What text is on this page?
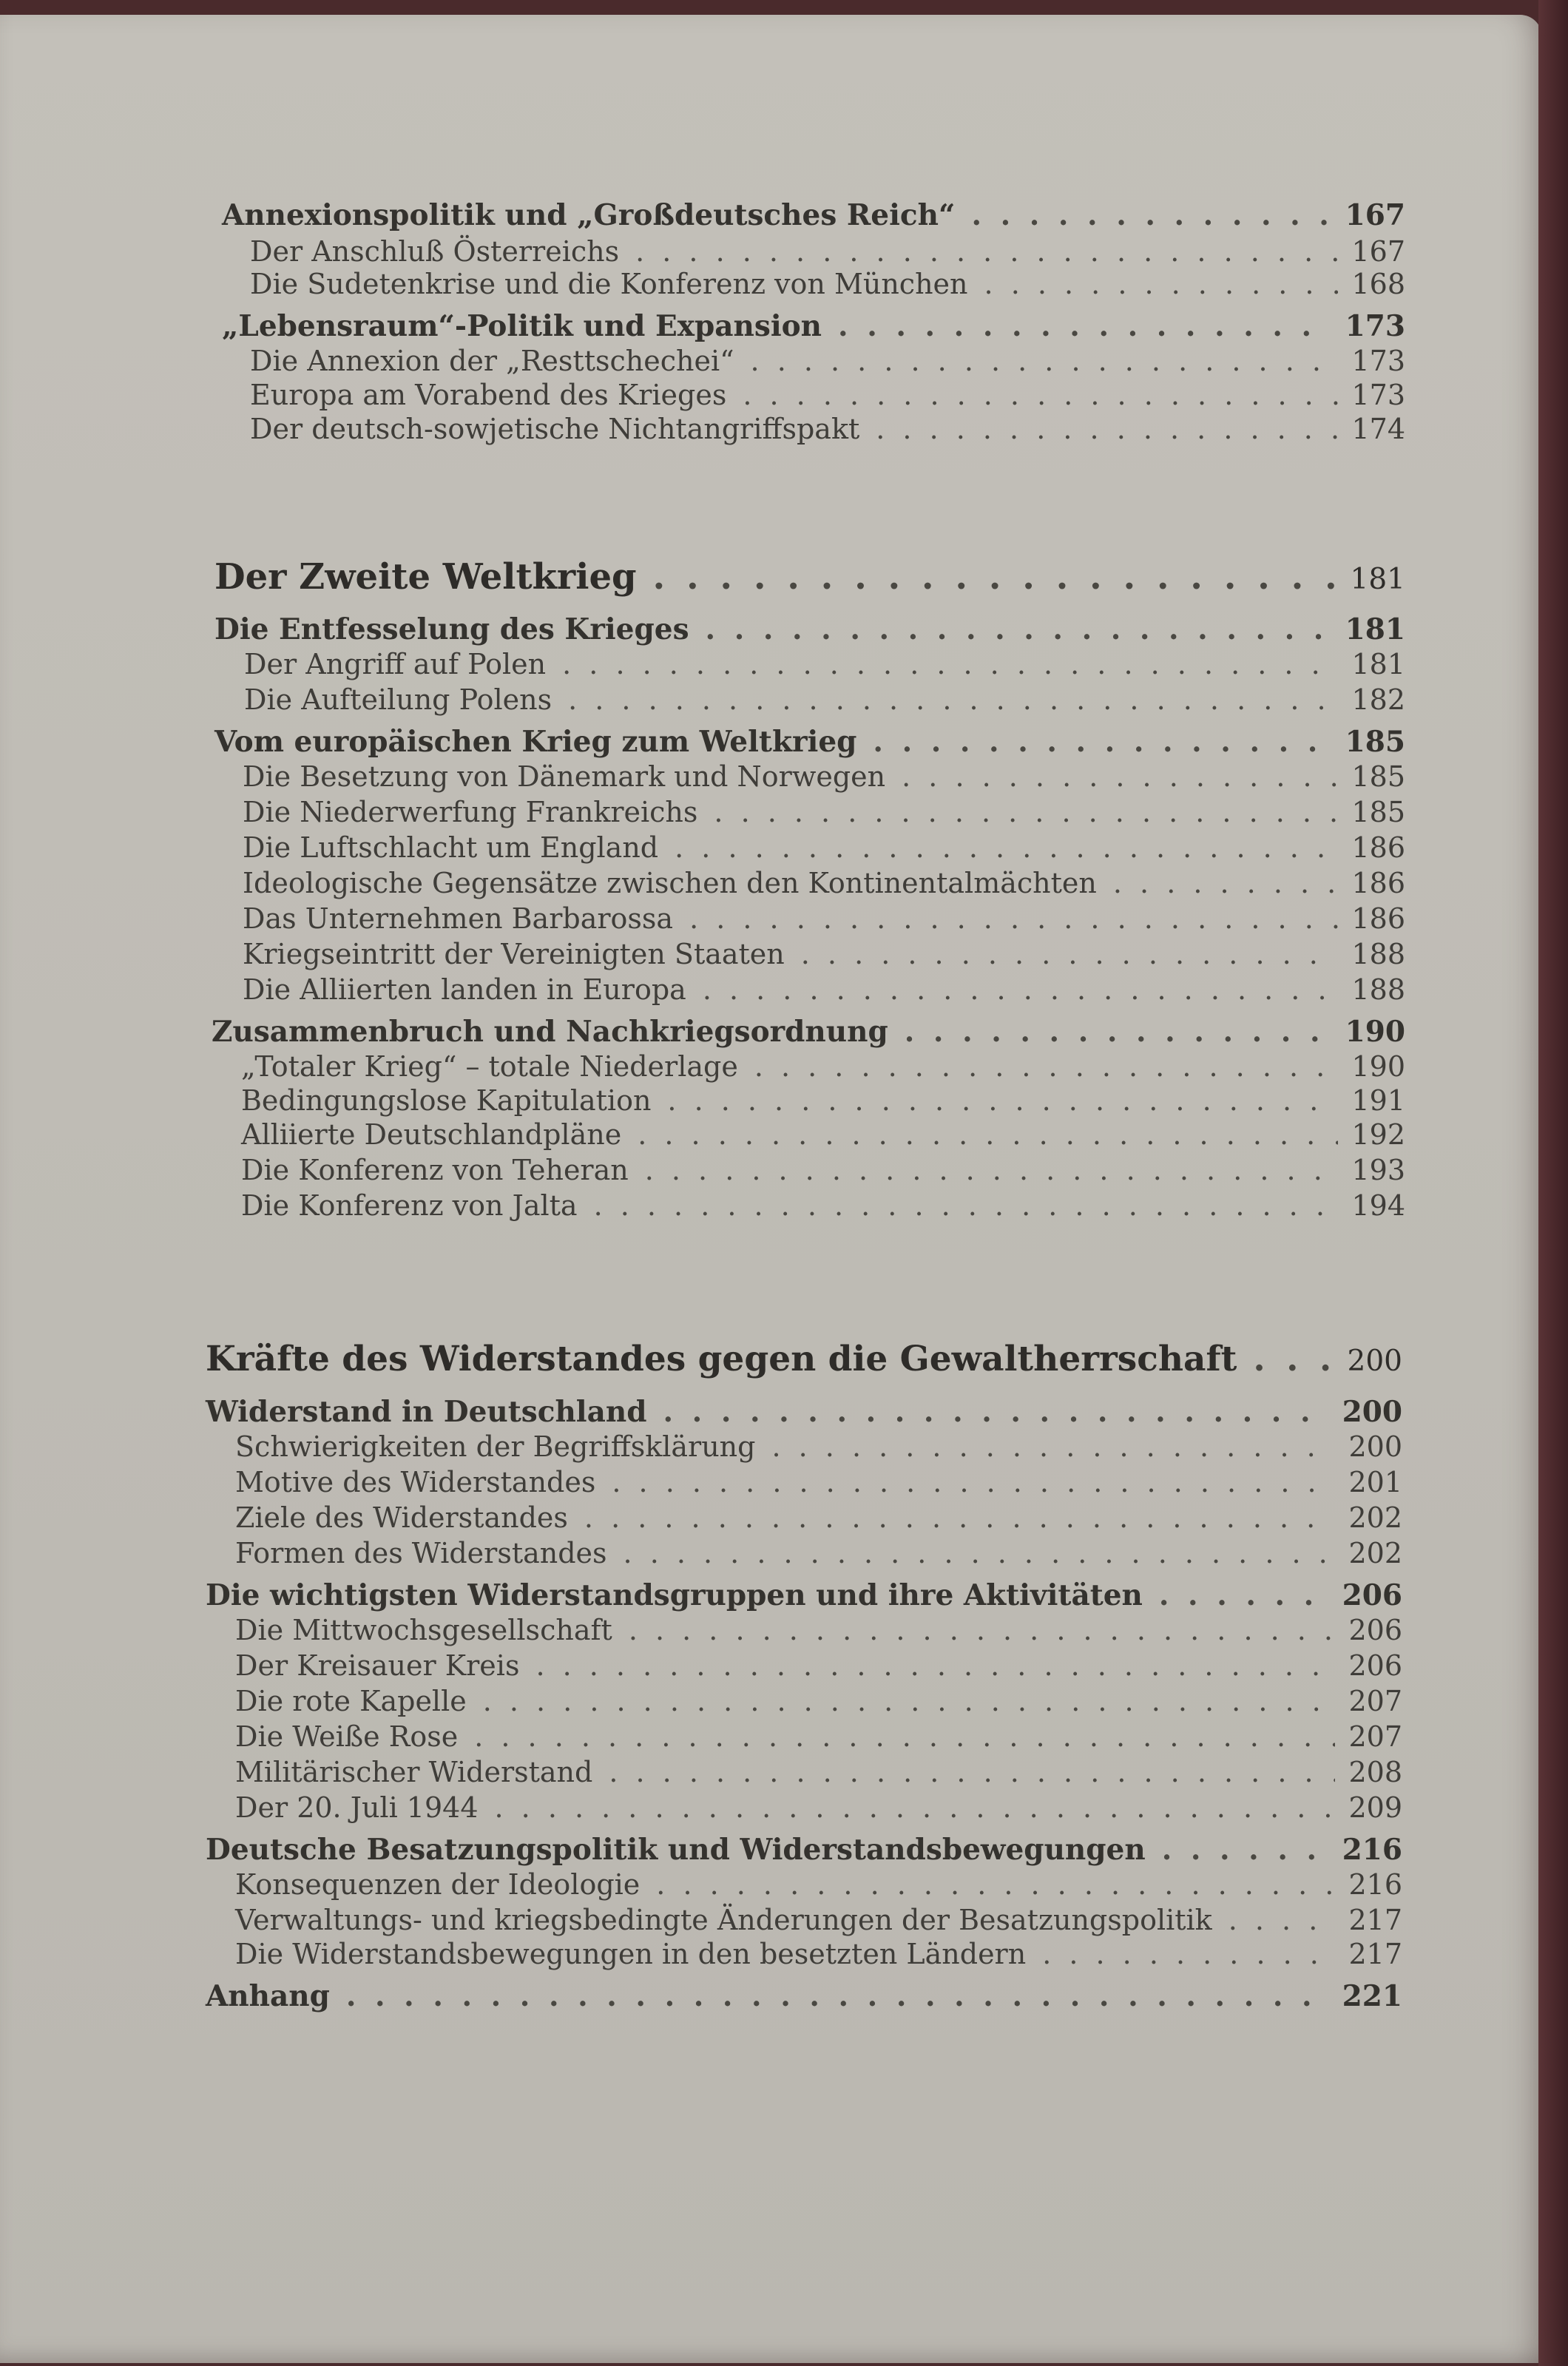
Annexionspolitik und „Großdeutsches Reich“ . . .	167
Der Anschluß Österreichs . . .	167
Die Sudetenkrise und die Konferenz von München . . .	168
„Lebensraum“-Politik und Expansion . . .	173
Die Annexion der „Resttschechei“ . . .	173
Europa am Vorabend des Krieges . . .	173
Der deutsch-sowjetische Nichtangriffspakt . . .	174
Der Zweite Weltkrieg . . .	181
Die Entfesselung des Krieges . . .	181
Der Angriff auf Polen . . .	181
Die Aufteilung Polens . . .	182
Vom europäischen Krieg zum Weltkrieg . . .	185
Die Besetzung von Dänemark und Norwegen . . .	185
Die Niederwerfung Frankreichs . . .	185
Die Luftschlacht um England . . .	186
Ideologische Gegensätze zwischen den Kontinentalmächten . . .	186
Das Unternehmen Barbarossa . . .	186
Kriegseintritt der Vereinigten Staaten . . .	188
Die Alliierten landen in Europa . . .	188
Zusammenbruch und Nachkriegsordnung . . .	190
„Totaler Krieg“ – totale Niederlage . . .	190
Bedingungslose Kapitulation . . .	191
Alliierte Deutschlandpläne . . .	192
Die Konferenz von Teheran . . .	193
Die Konferenz von Jalta . . .	194
Kräfte des Widerstandes gegen die Gewaltherrschaft . . .	200
Widerstand in Deutschland . . .	200
Schwierigkeiten der Begriffsklärung . . .	200
Motive des Widerstandes . . .	201
Ziele des Widerstandes . . .	202
Formen des Widerstandes . . .	202
Die wichtigsten Widerstandsgruppen und ihre Aktivitäten . . .	206
Die Mittwochsgesellschaft . . .	206
Der Kreisauer Kreis . . .	206
Die rote Kapelle . . .	207
Die Weiße Rose . . .	207
Militärischer Widerstand . . .	208
Der 20. Juli 1944 . . .	209
Deutsche Besatzungspolitik und Widerstandsbewegungen . . .	216
Konsequenzen der Ideologie . . .	216
Verwaltungs- und kriegsbedingte Änderungen der Besatzungspolitik . . .	217
Die Widerstandsbewegungen in den besetzten Ländern . . .	217
Anhang . . .	221
